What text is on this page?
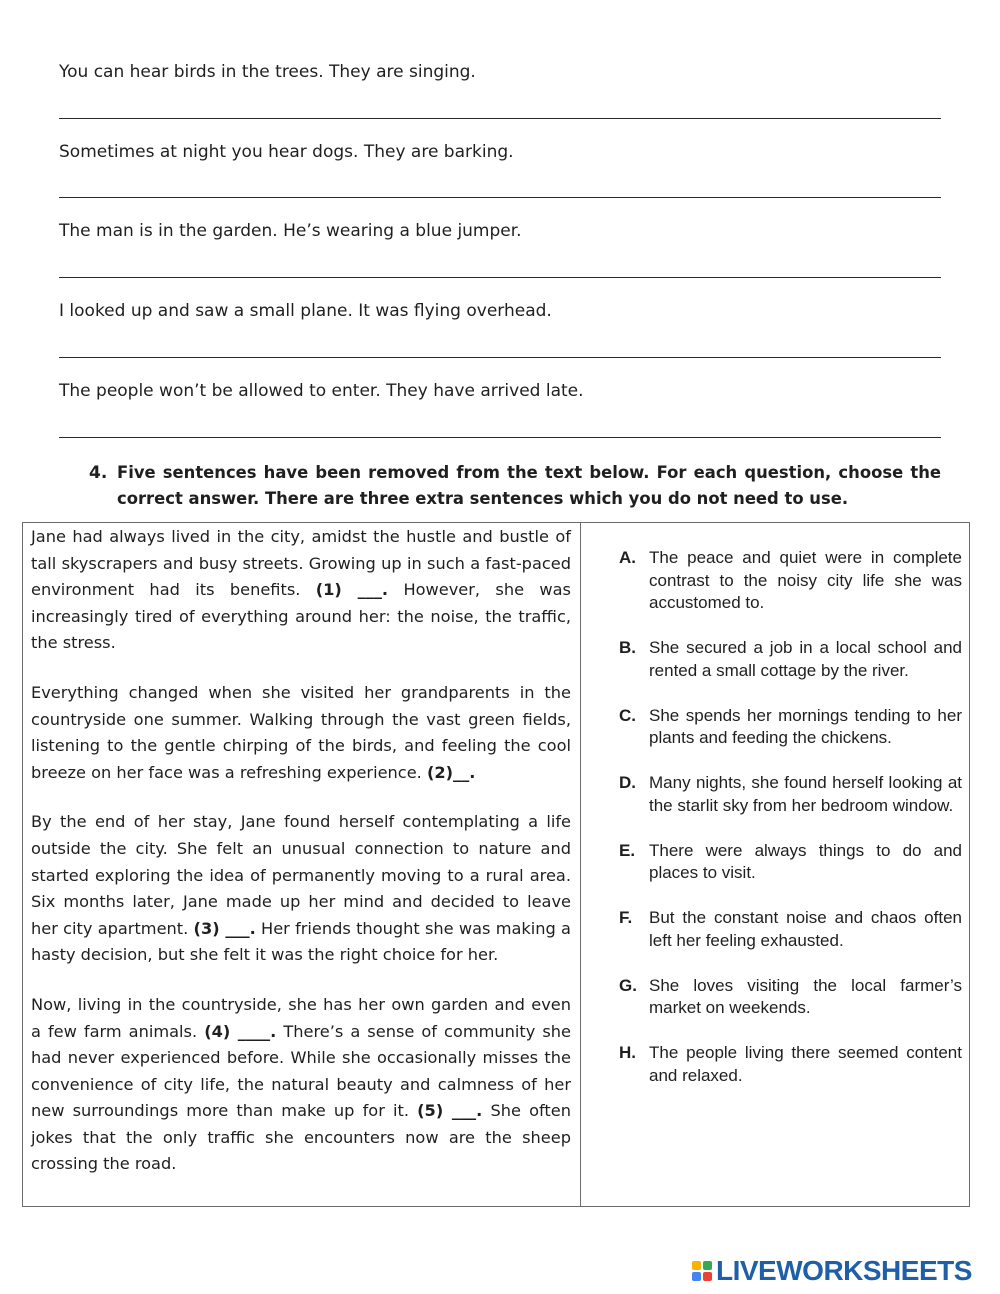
You can hear birds in the trees. They are singing.
Sometimes at night you hear dogs. They are barking.
The man is in the garden. He’s wearing a blue jumper.
I looked up and saw a small plane. It was flying overhead.
The people won’t be allowed to enter. They have arrived late.
4. Five sentences have been removed from the text below. For each question, choose the correct answer. There are three extra sentences which you do not need to use.

Jane had always lived in the city, amidst the hustle and bustle of tall skyscrapers and busy streets. Growing up in such a fast-paced environment had its benefits. (1) ___. However, she was increasingly tired of everything around her: the noise, the traffic, the stress.

Everything changed when she visited her grandparents in the countryside one summer. Walking through the vast green fields, listening to the gentle chirping of the birds, and feeling the cool breeze on her face was a refreshing experience. (2)__.

By the end of her stay, Jane found herself contemplating a life outside the city. She felt an unusual connection to nature and started exploring the idea of permanently moving to a rural area. Six months later, Jane made up her mind and decided to leave her city apartment. (3) ___. Her friends thought she was making a hasty decision, but she felt it was the right choice for her.

Now, living in the countryside, she has her own garden and even a few farm animals. (4) ____. There’s a sense of community she had never experienced before. While she occasionally misses the convenience of city life, the natural beauty and calmness of her new surroundings more than make up for it. (5) ___. She often jokes that the only traffic she encounters now are the sheep crossing the road.

A. The peace and quiet were in complete contrast to the noisy city life she was accustomed to.
B. She secured a job in a local school and rented a small cottage by the river.
C. She spends her mornings tending to her plants and feeding the chickens.
D. Many nights, she found herself looking at the starlit sky from her bedroom window.
E. There were always things to do and places to visit.
F. But the constant noise and chaos often left her feeling exhausted.
G. She loves visiting the local farmer’s market on weekends.
H. The people living there seemed content and relaxed.
LIVEWORKSHEETS
